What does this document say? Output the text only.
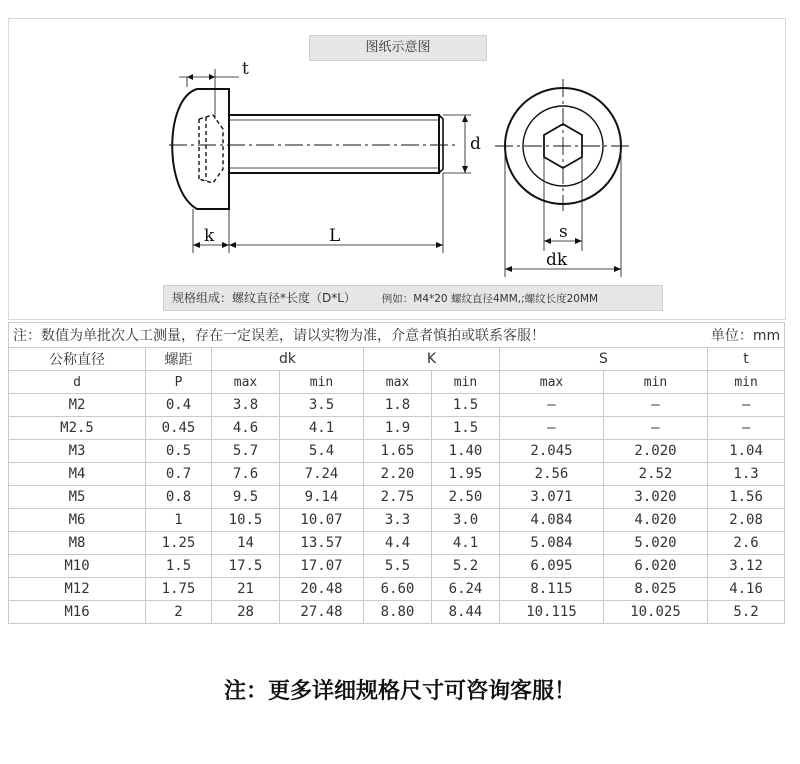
图纸示意图
t
d
k	L	s
dk
规格组成：螺纹直径*长度（D*L） 例如：M4*20 螺纹直径4MM,;螺纹长度20MM
注：数值为单批次人工测量，存在一定误差，请以实物为准，介意者慎拍或联系客服！ 单位：mm								

公称直径	螺距	dk		K		S		t
d	P	max	min	max	min	max	min	min
M2	0.4	3.8	3.5	1.8	1.5	–	–	–
M2.5	0.45	4.6	4.1	1.9	1.5	–	–	–
M3	0.5	5.7	5.4	1.65	1.40	2.045	2.020	1.04
M4	0.7	7.6	7.24	2.20	1.95	2.56	2.52	1.3
M5	0.8	9.5	9.14	2.75	2.50	3.071	3.020	1.56
M6	1	10.5	10.07	3.3	3.0	4.084	4.020	2.08
M8	1.25	14	13.57	4.4	4.1	5.084	5.020	2.6
M10	1.5	17.5	17.07	5.5	5.2	6.095	6.020	3.12
M12	1.75	21	20.48	6.60	6.24	8.115	8.025	4.16
M16	2	28	27.48	8.80	8.44	10.115	10.025	5.2
注：更多详细规格尺寸可咨询客服！
